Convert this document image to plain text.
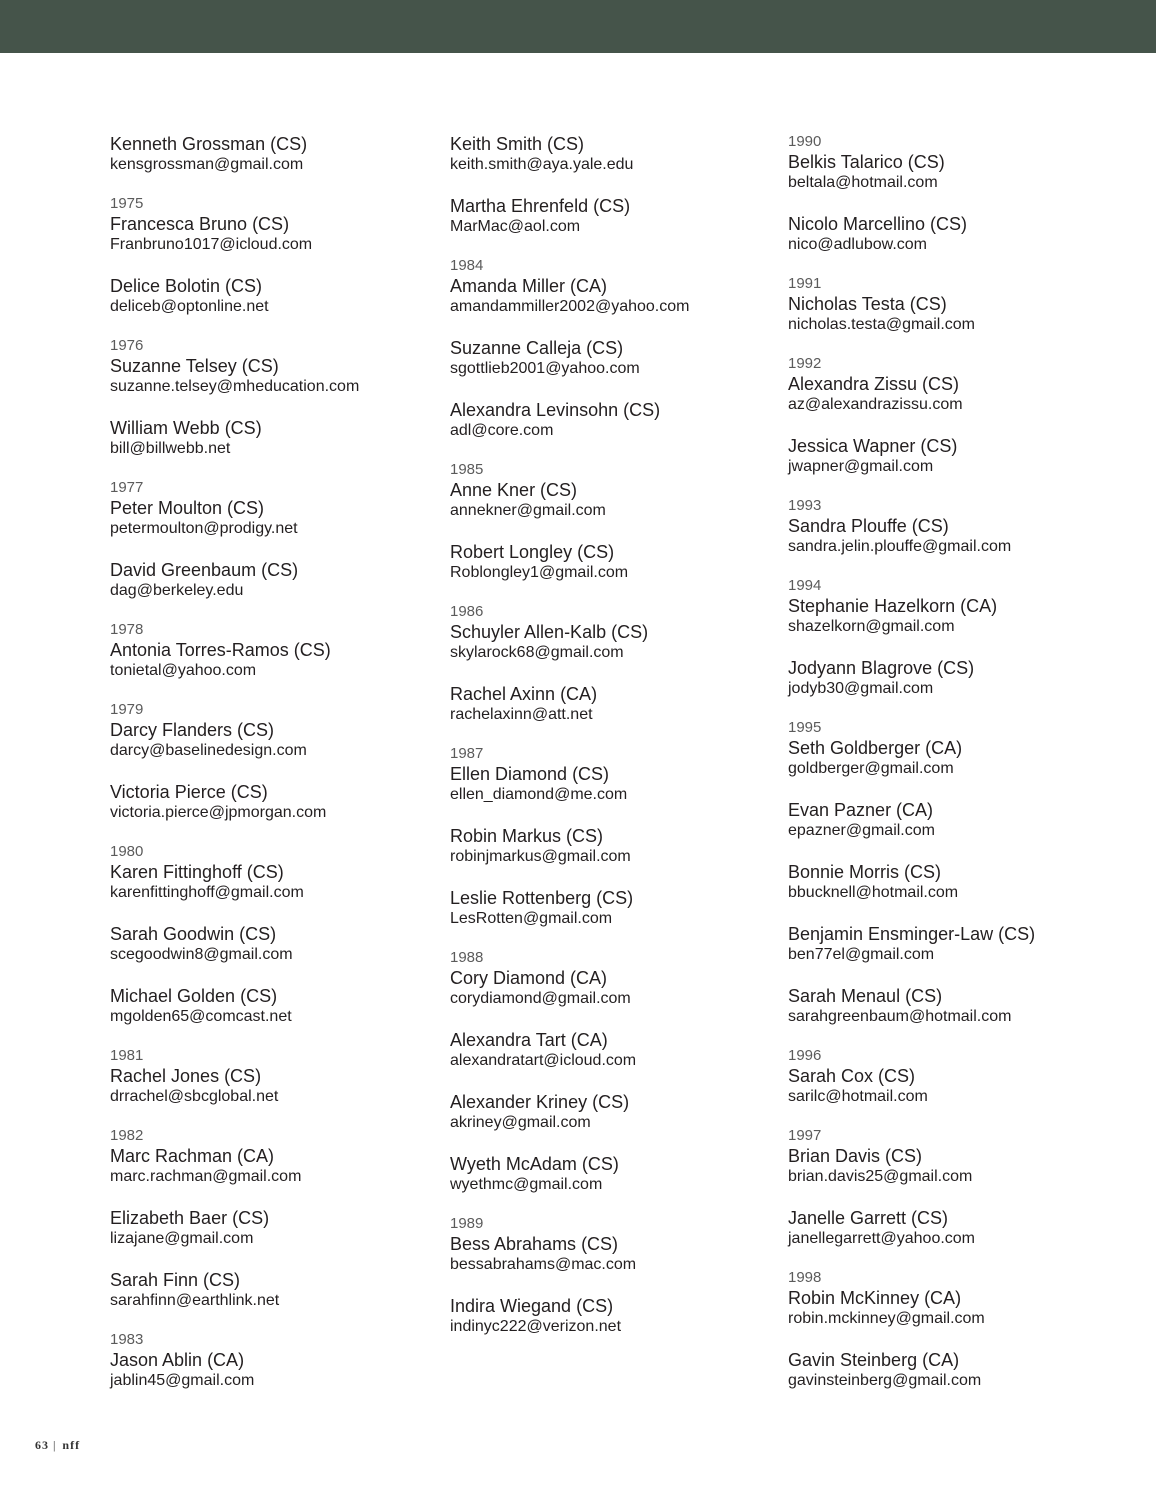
Kenneth Grossman (CS)
kensgrossman@gmail.com
1975
Francesca Bruno (CS)
Franbruno1017@icloud.com
Delice Bolotin (CS)
deliceb@optonline.net
1976
Suzanne Telsey (CS)
suzanne.telsey@mheducation.com
William Webb (CS)
bill@billwebb.net
1977
Peter Moulton (CS)
petermoulton@prodigy.net
David Greenbaum (CS)
dag@berkeley.edu
1978
Antonia Torres-Ramos (CS)
tonietal@yahoo.com
1979
Darcy Flanders (CS)
darcy@baselinedesign.com
Victoria Pierce (CS)
victoria.pierce@jpmorgan.com
1980
Karen Fittinghoff (CS)
karenfittinghoff@gmail.com
Sarah Goodwin (CS)
scegoodwin8@gmail.com
Michael Golden (CS)
mgolden65@comcast.net
1981
Rachel Jones (CS)
drrachel@sbcglobal.net
1982
Marc Rachman (CA)
marc.rachman@gmail.com
Elizabeth Baer (CS)
lizajane@gmail.com
Sarah Finn (CS)
sarahfinn@earthlink.net
1983
Jason Ablin (CA)
jablin45@gmail.com
Keith Smith (CS)
keith.smith@aya.yale.edu
Martha Ehrenfeld (CS)
MarMac@aol.com
1984
Amanda Miller (CA)
amandammiller2002@yahoo.com
Suzanne Calleja (CS)
sgottlieb2001@yahoo.com
Alexandra Levinsohn (CS)
adl@core.com
1985
Anne Kner (CS)
annekner@gmail.com
Robert Longley (CS)
Roblongley1@gmail.com
1986
Schuyler Allen-Kalb (CS)
skylarock68@gmail.com
Rachel Axinn (CA)
rachelaxinn@att.net
1987
Ellen Diamond (CS)
ellen_diamond@me.com
Robin Markus (CS)
robinjmarkus@gmail.com
Leslie Rottenberg (CS)
LesRotten@gmail.com
1988
Cory Diamond (CA)
corydiamond@gmail.com
Alexandra Tart (CA)
alexandratart@icloud.com
Alexander Kriney (CS)
akriney@gmail.com
Wyeth McAdam (CS)
wyethmc@gmail.com
1989
Bess Abrahams (CS)
bessabrahams@mac.com
Indira Wiegand (CS)
indinyc222@verizon.net
1990
Belkis Talarico (CS)
beltala@hotmail.com
Nicolo Marcellino (CS)
nico@adlubow.com
1991
Nicholas Testa (CS)
nicholas.testa@gmail.com
1992
Alexandra Zissu (CS)
az@alexandrazissu.com
Jessica Wapner (CS)
jwapner@gmail.com
1993
Sandra Plouffe (CS)
sandra.jelin.plouffe@gmail.com
1994
Stephanie Hazelkorn (CA)
shazelkorn@gmail.com
Jodyann Blagrove (CS)
jodyb30@gmail.com
1995
Seth Goldberger (CA)
goldberger@gmail.com
Evan Pazner (CA)
epazner@gmail.com
Bonnie Morris (CS)
bbucknell@hotmail.com
Benjamin Ensminger-Law (CS)
ben77el@gmail.com
Sarah Menaul (CS)
sarahgreenbaum@hotmail.com
1996
Sarah Cox (CS)
sarilc@hotmail.com
1997
Brian Davis (CS)
brian.davis25@gmail.com
Janelle Garrett (CS)
janellegarrett@yahoo.com
1998
Robin McKinney (CA)
robin.mckinney@gmail.com
Gavin Steinberg (CA)
gavinsteinberg@gmail.com
63 | nff
